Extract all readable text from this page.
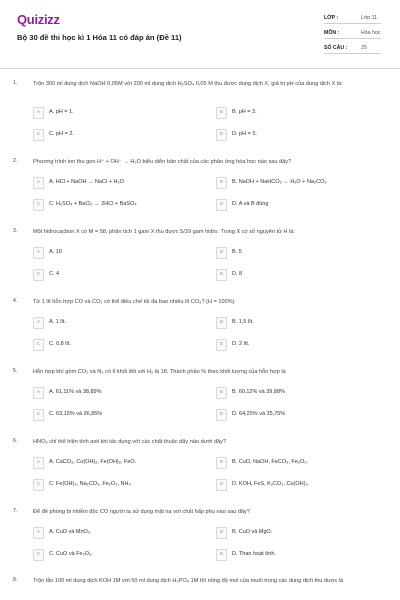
Quizizz
Bộ 30 đề thi học kì 1 Hóa 11 có đáp án (Đề 11)
LỚP :	Lớp 11
MÔN :	Hóa học
SỐ CÂU :	25
1.	Trộn 300 ml dung dịch NaOH 0,05M với 200 ml dung dịch H₂SO₄ 0,05 M thu được dung dịch X, giá trị pH của dung dịch X là:
A	A. pH = 1.	B	B. pH = 3.
C	C. pH = 2.	D	D. pH = 5.
2.	Phương trình ion thu gọn H⁺ + OH⁻ → H₂O biểu diễn bản chất của các phản ứng hóa học nào sau đây?
A	A. HCl + NaOH → NaCl + H₂O	B	B. NaOH + NaHCO₃ → H₂O + Na₂CO₃
C	C. H₂SO₄ + BaCl₂ → 2HCl + BaSO₄	D	D. A và B đúng
3.	Một hiđrocacbon X có M = 58, phân tích 1 gam X thu được 5/29 gam hiđro. Trong X có số nguyên tử H là:
A	A. 10	B	B. 5
C	C. 4	D	D. 8
4.	Từ 1 lít hỗn hợp CO và CO₂ có thể điều chế tối đa bao nhiêu lít CO₂? (H = 100%)
A	A. 1 lít.	B	B. 1,5 lít.
C	C. 0,8 lít.	D	D. 2 lít.
5.	Hỗn hợp khí gồm CO₂ và N₂ có tỉ khối đối với H₂ là 18. Thành phần % theo khối lượng của hỗn hợp là
A	A. 61,11% và 38,89%	B	B. 60,12% và 39,88%
C	C. 63,15% và 36,85%	D	D. 64,25% và 35,75%
6.	HNO₃ chỉ thể hiện tính axit khi tác dụng với các chất thuộc dãy nào dưới đây?
A	A. CaCO₃, Cu(OH)₂, Fe(OH)₂, FeO.	B	B. CuO, NaOH, FeCO₃, Fe₂O₃.
C	C. Fe(OH)₃, Na₂CO₃, Fe₂O₃, NH₃	D	D. KOH, FeS, K₂CO₃, Cu(OH)₂.
7.	Để đề phòng bị nhiễm độc CO người ta sử dụng mặt nạ với chất hấp phụ nào sau đây?
A	A. CuO và MnO₂.	B	B. CuO và MgO.
C	C. CuO và Fe₂O₃.	D	D. Than hoạt tính.
8.	Trộn lẫn 100 ml dung dịch KOH 1M với 50 ml dung dịch H₃PO₄ 1M thì nồng độ mol của muối trong các dung dịch thu được là
